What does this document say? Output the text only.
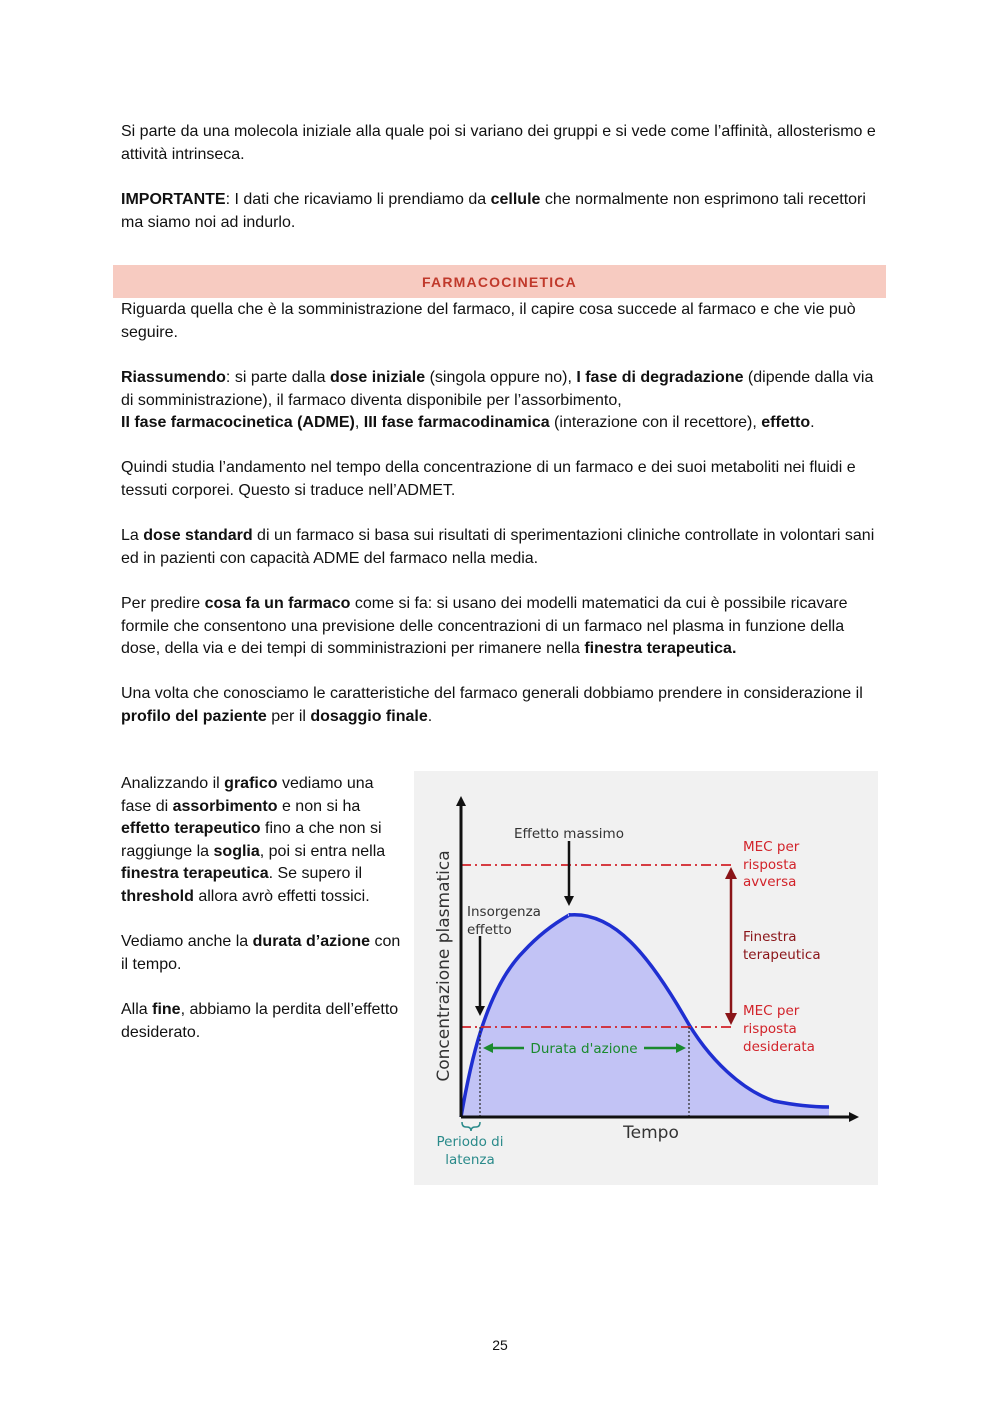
Si parte da una molecola iniziale alla quale poi si variano dei gruppi e si vede come l’affinità, allosterismo e attività intrinseca.

IMPORTANTE: I dati che ricaviamo li prendiamo da cellule che normalmente non esprimono tali recettori ma siamo noi ad indurlo.

FARMACOCINETICA

Riguarda quella che è la somministrazione del farmaco, il capire cosa succede al farmaco e che vie può seguire.

Riassumendo: si parte dalla dose iniziale (singola oppure no), I fase di degradazione (dipende dalla via di somministrazione), il farmaco diventa disponibile per l’assorbimento,

II fase farmacocinetica (ADME), III fase farmacodinamica (interazione con il recettore), effetto.

Quindi studia l’andamento nel tempo della concentrazione di un farmaco e dei suoi metaboliti nei fluidi e tessuti corporei. Questo si traduce nell’ADMET.

La dose standard di un farmaco si basa sui risultati di sperimentazioni cliniche controllate in volontari sani ed in pazienti con capacità ADME del farmaco nella media.

Per predire cosa fa un farmaco come si fa: si usano dei modelli matematici da cui è possibile ricavare formile che consentono una previsione delle concentrazioni di un farmaco nel plasma in funzione della dose, della via e dei tempi di somministrazioni per rimanere nella finestra terapeutica.

Una volta che conosciamo le caratteristiche del farmaco generali dobbiamo prendere in considerazione il profilo del paziente per il dosaggio finale.

Analizzando il grafico vediamo una fase di assorbimento e non si ha effetto terapeutico fino a che non si raggiunge la soglia, poi si entra nella finestra terapeutica. Se supero il threshold allora avrò effetti tossici.

Vediamo anche la durata d’azione con il tempo.

Alla fine, abbiamo la perdita dell’effetto desiderato.	Concentrazione plasmatica
Tempo
Effetto massimo
Insorgenza
effetto
MEC per
risposta
avversa
Finestra
terapeutica
MEC per
risposta
desiderata
Durata d'azione
Periodo di
latenza
25
